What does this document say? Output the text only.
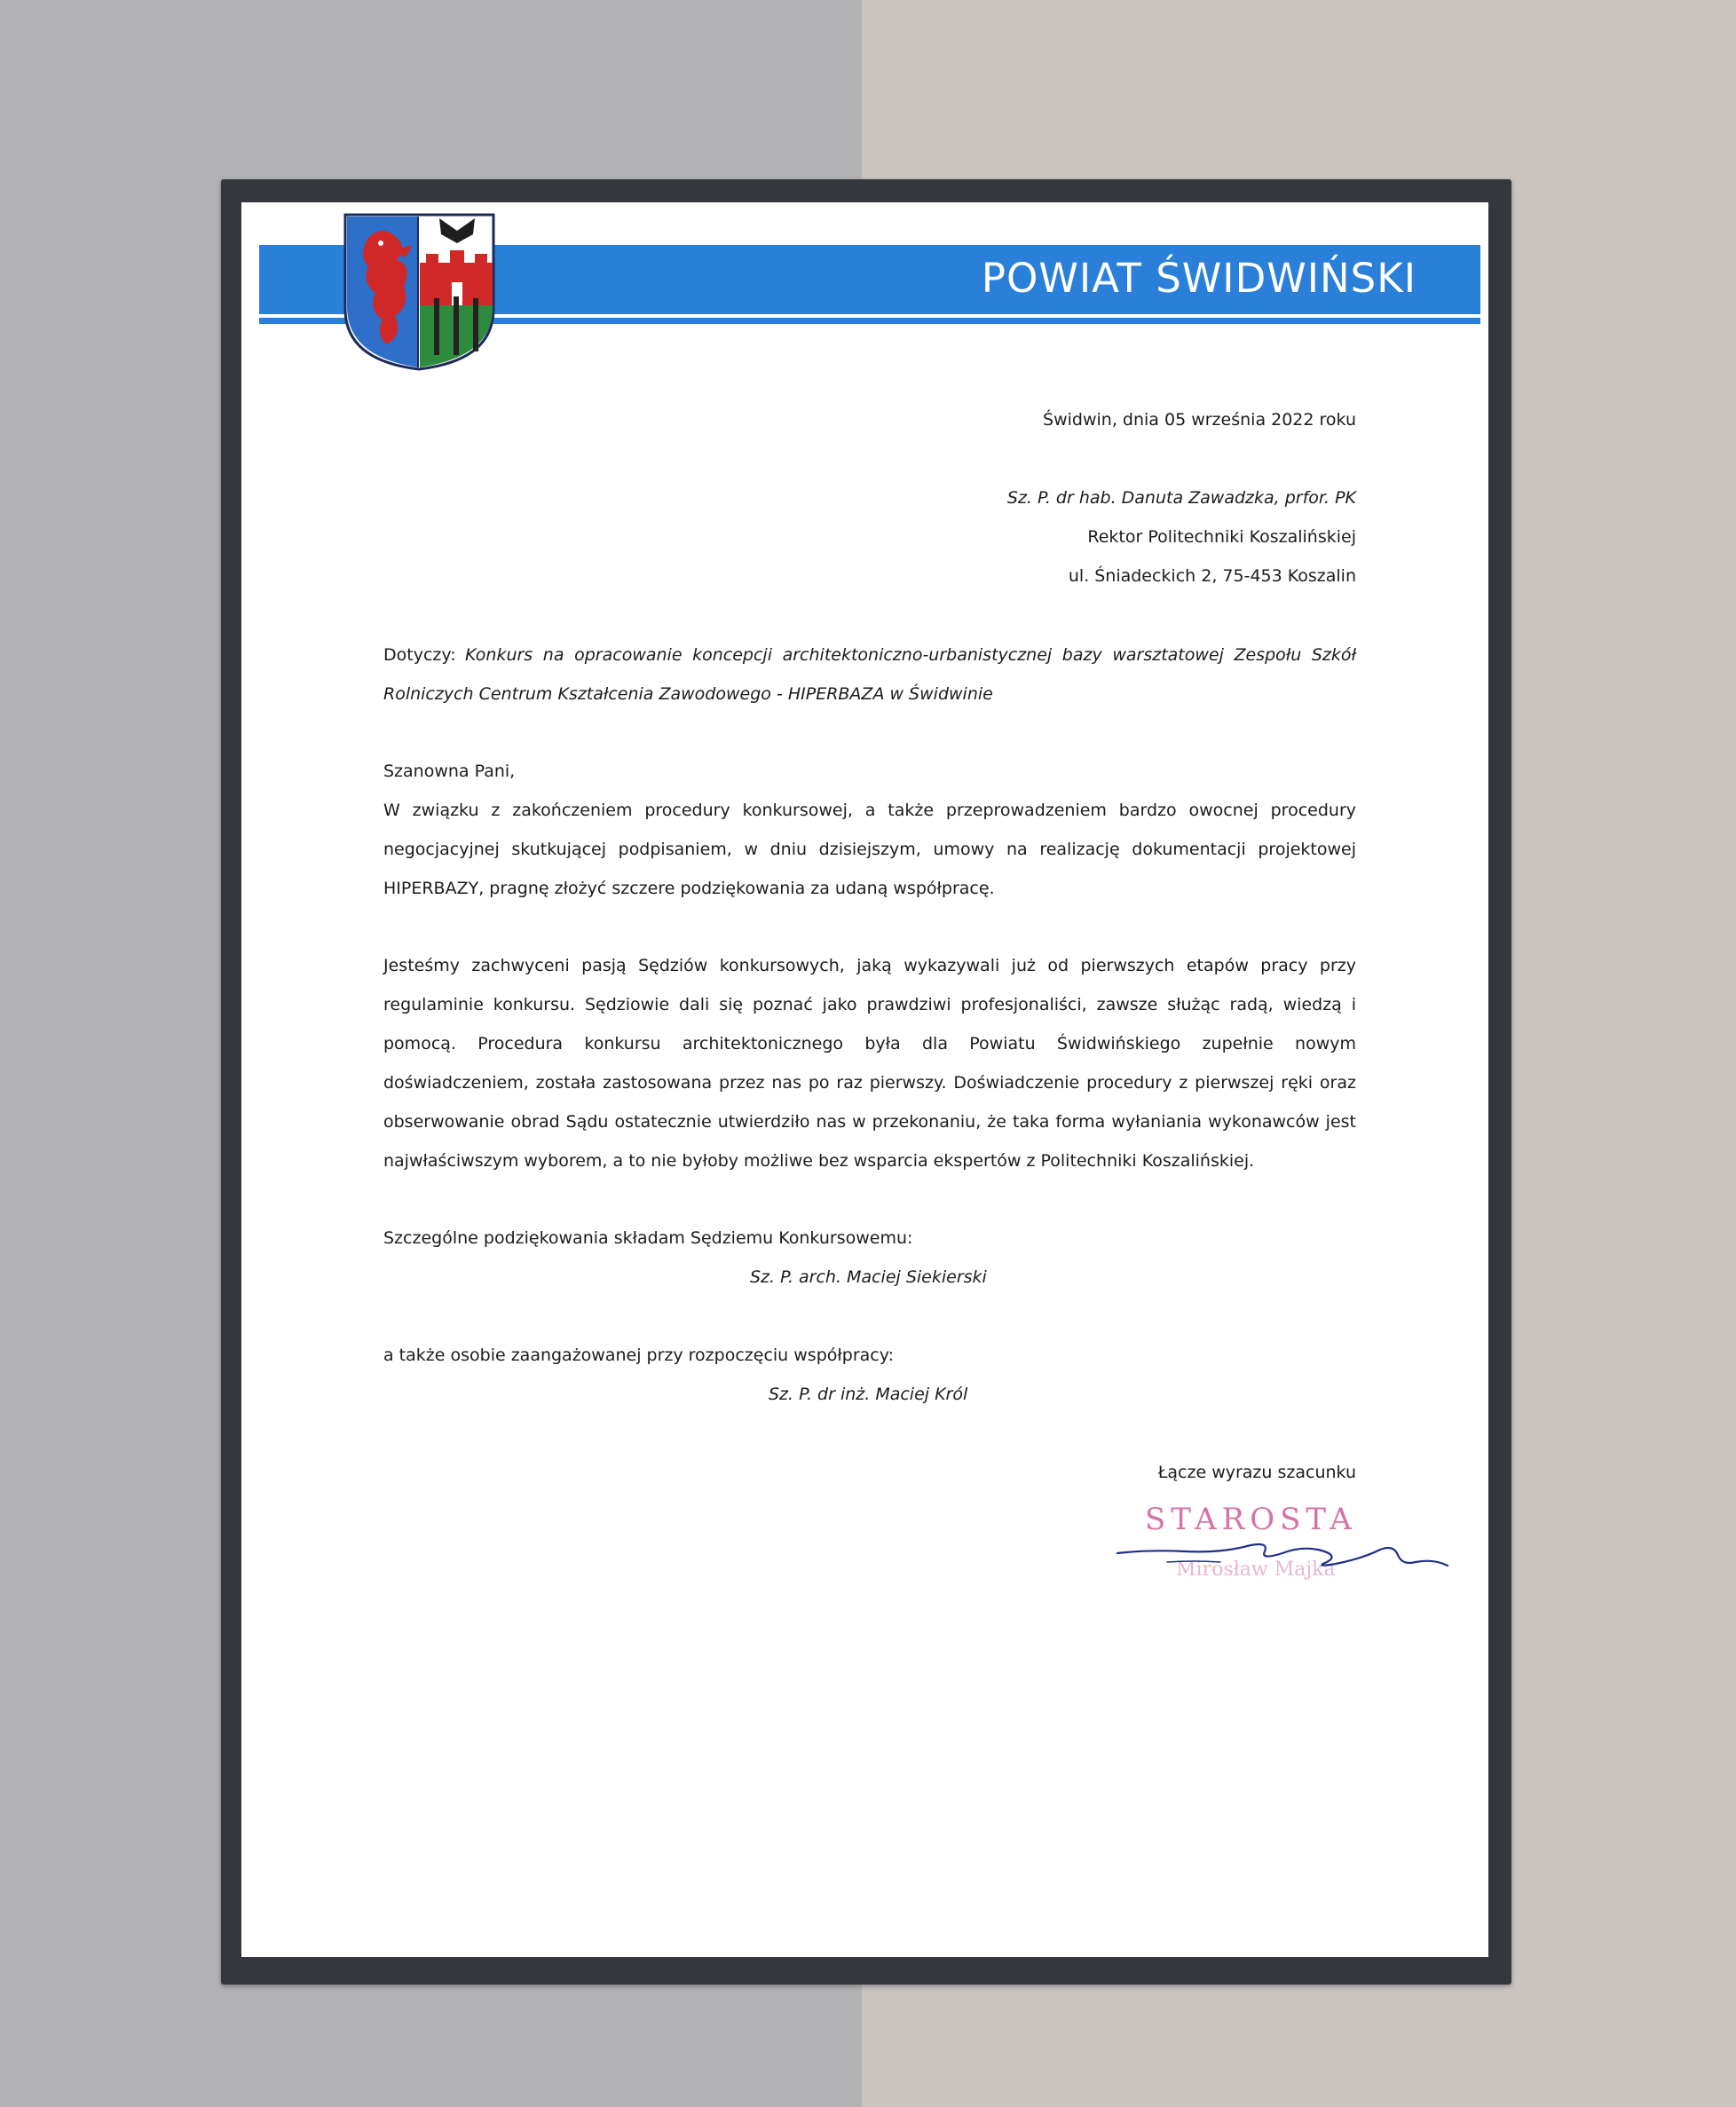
POWIAT ŚWIDWIŃSKI
Świdwin, dnia 05 września 2022 roku
Sz. P. dr hab. Danuta Zawadzka, prfor. PK
Rektor Politechniki Koszalińskiej
ul. Śniadeckich 2, 75-453 Koszalin
Dotyczy: Konkurs na opracowanie koncepcji architektoniczno-urbanistycznej bazy warsztatowej Zespołu Szkół
Rolniczych Centrum Kształcenia Zawodowego - HIPERBAZA w Świdwinie
Szanowna Pani,
W związku z zakończeniem procedury konkursowej, a także przeprowadzeniem bardzo owocnej procedury negocjacyjnej skutkującej podpisaniem, w dniu dzisiejszym, umowy na realizację dokumentacji projektowej HIPERBAZY, pragnę złożyć szczere podziękowania za udaną współpracę.
Jesteśmy zachwyceni pasją Sędziów konkursowych, jaką wykazywali już od pierwszych etapów pracy przy regulaminie konkursu. Sędziowie dali się poznać jako prawdziwi profesjonaliści, zawsze służąc radą, wiedzą i pomocą. Procedura konkursu architektonicznego była dla Powiatu Świdwińskiego zupełnie nowym doświadczeniem, została zastosowana przez nas po raz pierwszy. Doświadczenie procedury z pierwszej ręki oraz obserwowanie obrad Sądu ostatecznie utwierdziło nas w przekonaniu, że taka forma wyłaniania wykonawców jest najwłaściwszym wyborem, a to nie byłoby możliwe bez wsparcia ekspertów z Politechniki Koszalińskiej.
Szczególne podziękowania składam Sędziemu Konkursowemu:
Sz. P. arch. Maciej Siekierski
a także osobie zaangażowanej przy rozpoczęciu współpracy:
Sz. P. dr inż. Maciej Król
Łącze wyrazu szacunku
STAROSTA
Mirosław Majka
